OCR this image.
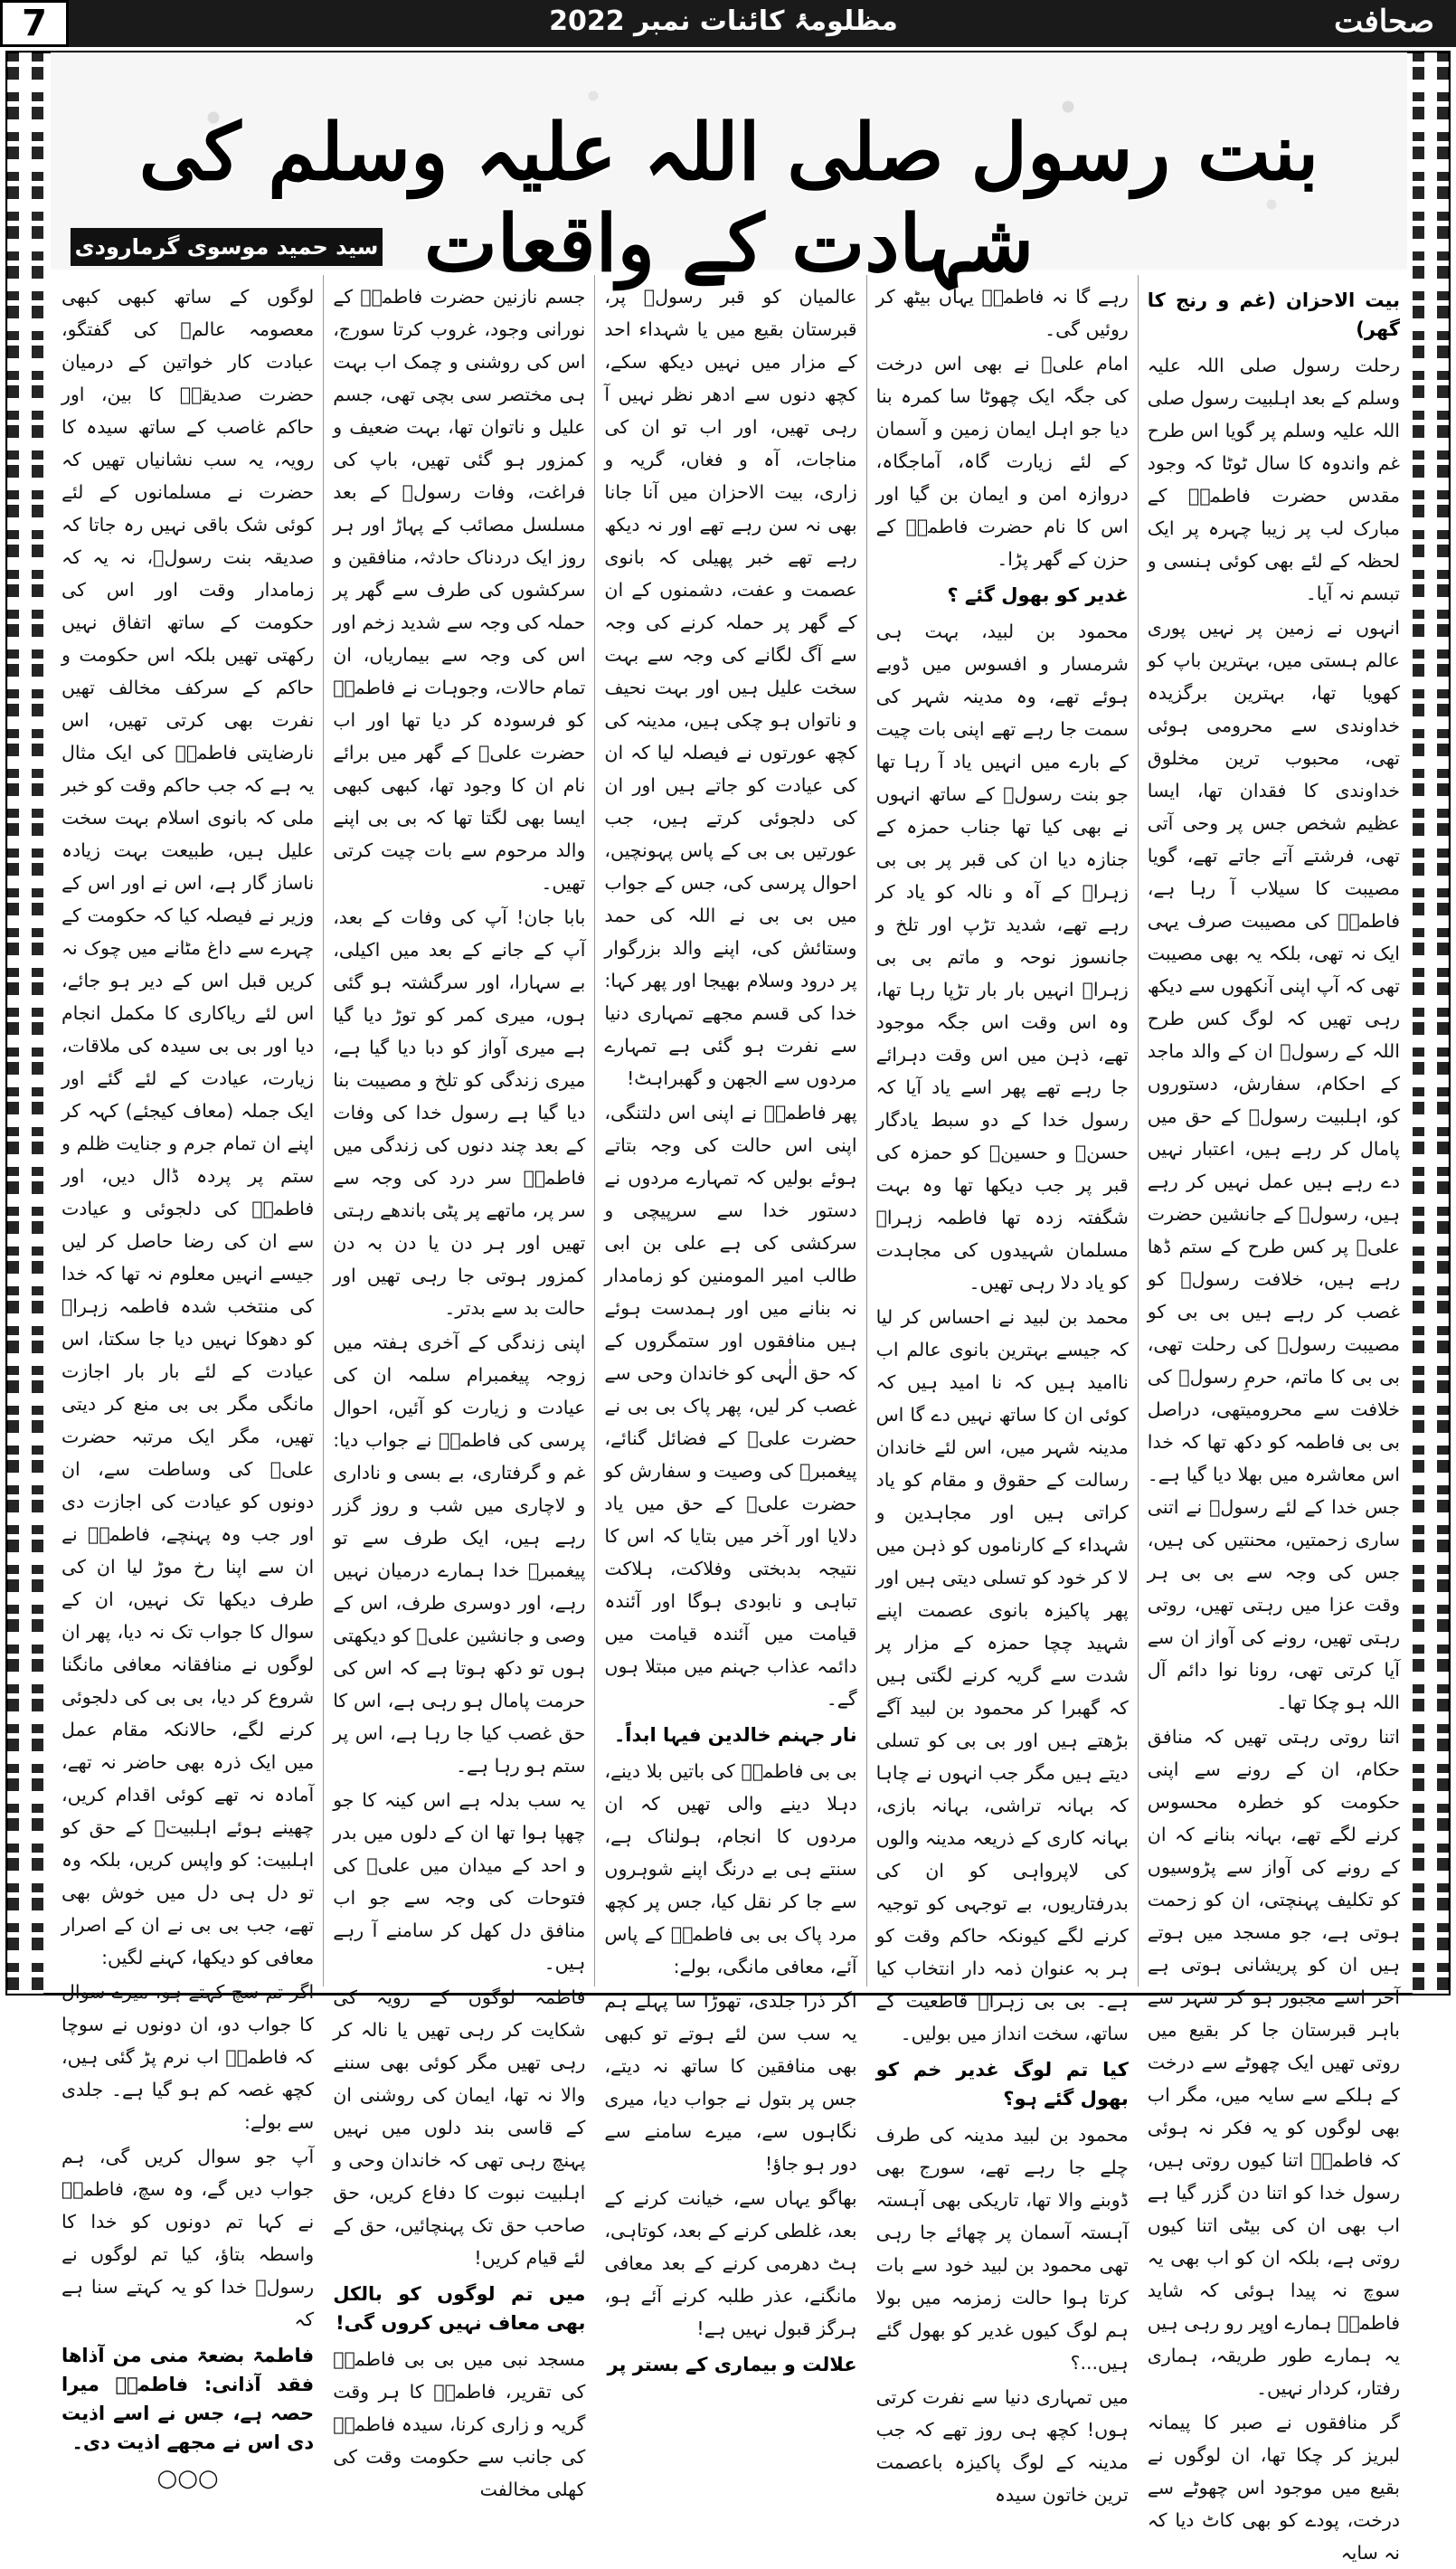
7	مظلومۂ کائنات نمبر 2022	صحافت
بنت رسول صلی اللہ علیہ وسلم کی شہادت کے واقعات
سید حمید موسوی گرمارودی
بیت الاحزان (غم و رنج کا گھر)

رحلت رسول صلی اللہ علیہ وسلم کے بعد اہلبیت رسول صلی اللہ علیہ وسلم پر گویا اس طرح غم واندوہ کا سال ٹوٹا کہ وجود مقدس حضرت فاطمہؑ کے مبارک لب پر زیبا چہرہ پر ایک لحظہ کے لئے بھی کوئی ہنسی و تبسم نہ آیا۔

انہوں نے زمین پر نہیں پوری عالم ہستی میں، بہترین باپ کو کھویا تھا، بہترین برگزیدہ خداوندی سے محرومی ہوئی تھی، محبوب ترین مخلوق خداوندی کا فقدان تھا، ایسا عظیم شخص جس پر وحی آتی تھی، فرشتے آتے جاتے تھے، گویا مصیبت کا سیلاب آ رہا ہے، فاطمہؑ کی مصیبت صرف یہی ایک نہ تھی، بلکہ یہ بھی مصیبت تھی کہ آپ اپنی آنکھوں سے دیکھ رہی تھیں کہ لوگ کس طرح اللہ کے رسولؐ ان کے والد ماجد کے احکام، سفارش، دستوروں کو، اہلبیت رسولؐ کے حق میں پامال کر رہے ہیں، اعتبار نہیں دے رہے ہیں عمل نہیں کر رہے ہیں، رسولؐ کے جانشین حضرت علیؑ پر کس طرح کے ستم ڈھا رہے ہیں، خلافت رسولؐ کو غصب کر رہے ہیں بی بی کو مصیبت رسولؐ کی رحلت تھی، بی بی کا ماتم، حرمِ رسولؐ کی خلافت سے محرومیتھی، دراصل بی بی فاطمہ کو دکھ تھا کہ خدا اس معاشرہ میں بھلا دیا گیا ہے۔ جس خدا کے لئے رسولؐ نے اتنی ساری زحمتیں، محنتیں کی ہیں، جس کی وجہ سے بی بی ہر وقت عزا میں رہتی تھیں، روتی رہتی تھیں، رونے کی آواز ان سے آیا کرتی تھی، رونا نوا دائم آل اللہ ہو چکا تھا۔

اتنا روتی رہتی تھیں کہ منافق حکام، ان کے رونے سے اپنی حکومت کو خطرہ محسوس کرنے لگے تھے، بہانہ بنانے کہ ان کے رونے کی آواز سے پڑوسیوں کو تکلیف پہنچتی، ان کو زحمت ہوتی ہے، جو مسجد میں ہوتے ہیں ان کو پریشانی ہوتی ہے آخر اسے مجبور ہو کر شہر سے باہر قبرستان جا کر بقیع میں روتی تھیں ایک چھوٹے سے درخت کے ہلکے سے سایہ میں، مگر اب بھی لوگوں کو یہ فکر نہ ہوئی کہ فاطمہؑ اتنا کیوں روتی ہیں، رسول خدا کو اتنا دن گزر گیا ہے اب بھی ان کی بیٹی اتنا کیوں روتی ہے، بلکہ ان کو اب بھی یہ سوچ نہ پیدا ہوئی کہ شاید فاطمہؑ ہمارے اوپر رو رہی ہیں یہ ہمارے طور طریقہ، ہماری رفتار، کردار نہیں۔

گر منافقوں نے صبر کا پیمانہ لبریز کر چکا تھا، ان لوگوں نے بقیع میں موجود اس چھوٹے سے درخت، پودے کو بھی کاٹ دیا کہ نہ سایہ

رہے گا نہ فاطمہؑ یہاں بیٹھ کر روئیں گی۔

امام علیؑ نے بھی اس درخت کی جگہ ایک چھوٹا سا کمرہ بنا دیا جو اہل ایمان زمین و آسمان کے لئے زیارت گاہ، آماجگاہ، دروازہ امن و ایمان بن گیا اور اس کا نام حضرت فاطمہؑ کے حزن کے گھر پڑا۔

غدیر کو بھول گئے ؟

محمود بن لبید، بہت ہی شرمسار و افسوس میں ڈوبے ہوئے تھے، وہ مدینہ شہر کی سمت جا رہے تھے اپنی بات چیت کے بارے میں انہیں یاد آ رہا تھا جو بنت رسولؐ کے ساتھ انہوں نے بھی کیا تھا جناب حمزہ کے جنازہ دیا ان کی قبر پر بی بی زہراؑ کے آہ و نالہ کو یاد کر رہے تھے، شدید تڑپ اور تلخ و جانسوز نوحہ و ماتم بی بی زہراؑ انہیں بار بار تڑپا رہا تھا، وہ اس وقت اس جگہ موجود تھے، ذہن میں اس وقت دہرائے جا رہے تھے پھر اسے یاد آیا کہ رسول خدا کے دو سبط یادگار حسنؑ و حسینؑ کو حمزہ کی قبر پر جب دیکھا تھا وہ بہت شگفتہ زدہ تھا فاطمہ زہراؑ مسلمان شہیدوں کی مجاہدت کو یاد دلا رہی تھیں۔

محمد بن لبید نے احساس کر لیا کہ جیسے بہترین بانوی عالم اب ناامید ہیں کہ نا امید ہیں کہ کوئی ان کا ساتھ نہیں دے گا اس مدینہ شہر میں، اس لئے خاندان رسالت کے حقوق و مقام کو یاد کراتی ہیں اور مجاہدین و شہداء کے کارناموں کو ذہن میں لا کر خود کو تسلی دیتی ہیں اور پھر پاکیزہ بانوی عصمت اپنے شہید چچا حمزہ کے مزار پر شدت سے گریہ کرنے لگتی ہیں کہ گھبرا کر محمود بن لبید آگے بڑھتے ہیں اور بی بی کو تسلی دیتے ہیں مگر جب انہوں نے چاہا کہ بہانہ تراشی، بہانہ بازی، بہانہ کاری کے ذریعہ مدینہ والوں کی لاپرواہی کو ان کی بدرفتاریوں، بے توجہی کو توجیہ کرنے لگے کیونکہ حاکم وقت کو ہر بہ عنوان ذمہ دار انتخاب کیا ہے۔ بی بی زہراؑ قاطعیت کے ساتھ، سخت انداز میں بولیں۔

کیا تم لوگ غدیر خم کو بھول گئے ہو؟

محمود بن لبید مدینہ کی طرف چلے جا رہے تھے، سورج بھی ڈوبنے والا تھا، تاریکی بھی آہستہ آہستہ آسمان پر چھائے جا رہی تھی محمود بن لبید خود سے بات کرتا ہوا حالت زمزمہ میں بولا ہم لوگ کیوں غدیر کو بھول گئے ہیں...؟

میں تمہاری دنیا سے نفرت کرتی ہوں! کچھ ہی روز تھے کہ جب مدینہ کے لوگ پاکیزہ باعصمت ترین خاتون سیدہ

عالمیان کو قبر رسولؐ پر، قبرستان بقیع میں یا شہداء احد کے مزار میں نہیں دیکھ سکے، کچھ دنوں سے ادھر نظر نہیں آ رہی تھیں، اور اب تو ان کی مناجات، آہ و فغاں، گریہ و زاری، بیت الاحزان میں آنا جانا بھی نہ سن رہے تھے اور نہ دیکھ رہے تھے خبر پھیلی کہ بانوی عصمت و عفت، دشمنوں کے ان کے گھر پر حملہ کرنے کی وجہ سے آگ لگانے کی وجہ سے بہت سخت علیل ہیں اور بہت نحیف و ناتواں ہو چکی ہیں، مدینہ کی کچھ عورتوں نے فیصلہ لیا کہ ان کی عیادت کو جاتے ہیں اور ان کی دلجوئی کرتے ہیں، جب عورتیں بی بی کے پاس پہونچیں، احوال پرسی کی، جس کے جواب میں بی بی نے اللہ کی حمد وستائش کی، اپنے والد بزرگوار پر درود وسلام بھیجا اور پھر کہا: خدا کی قسم مجھے تمہاری دنیا سے نفرت ہو گئی ہے تمہارے مردوں سے الجھن و گھبراہٹ!

پھر فاطمہؑ نے اپنی اس دلتنگی، اپنی اس حالت کی وجہ بتاتے ہوئے بولیں کہ تمہارے مردوں نے دستور خدا سے سرپیچی و سرکشی کی ہے علی بن ابی طالب امیر المومنین کو زمامدار نہ بنانے میں اور ہمدست ہوئے ہیں منافقوں اور ستمگروں کے کہ حق الٰہی کو خاندان وحی سے غصب کر لیں، پھر پاک بی بی نے حضرت علیؑ کے فضائل گنائے، پیغمبرؐ کی وصیت و سفارش کو حضرت علیؑ کے حق میں یاد دلایا اور آخر میں بتایا کہ اس کا نتیجہ بدبختی وفلاکت، ہلاکت تباہی و نابودی ہوگا اور آئندہ قیامت میں آئندہ قیامت میں دائمہ عذاب جہنم میں مبتلا ہوں گے۔

نار جہنم خالدین فیہا ابداً۔

بی بی فاطمہؑ کی باتیں بلا دینے، دہلا دینے والی تھیں کہ ان مردوں کا انجام، ہولناک ہے، سنتے ہی بے درنگ اپنے شوہروں سے جا کر نقل کیا، جس پر کچھ مرد پاک بی بی فاطمہؑ کے پاس آئے، معافی مانگی، بولے:

اگر ذرا جلدی، تھوڑا سا پہلے ہم یہ سب سن لئے ہوتے تو کبھی بھی منافقین کا ساتھ نہ دیتے، جس پر بتول نے جواب دیا، میری نگاہوں سے، میرے سامنے سے دور ہو جاؤ!

بھاگو یہاں سے، خیانت کرنے کے بعد، غلطی کرنے کے بعد، کوتاہی، ہٹ دھرمی کرنے کے بعد معافی مانگنے، عذر طلبہ کرنے آئے ہو، ہرگز قبول نہیں ہے!

علالت و بیماری کے بستر پر

جسم نازنین حضرت فاطمہؑ کے نورانی وجود، غروب کرتا سورج، اس کی روشنی و چمک اب بہت ہی مختصر سی بچی تھی، جسم علیل و ناتوان تھا، بہت ضعیف و کمزور ہو گئی تھیں، باپ کی فراغت، وفات رسولؐ کے بعد مسلسل مصائب کے پہاڑ اور ہر روز ایک دردناک حادثہ، منافقین و سرکشوں کی طرف سے گھر پر حملہ کی وجہ سے شدید زخم اور اس کی وجہ سے بیماریاں، ان تمام حالات، وجوہات نے فاطمہؑ کو فرسودہ کر دیا تھا اور اب حضرت علیؑ کے گھر میں برائے نام ان کا وجود تھا، کبھی کبھی ایسا بھی لگتا تھا کہ بی بی اپنے والد مرحوم سے بات چیت کرتی تھیں۔

بابا جان! آپ کی وفات کے بعد، آپ کے جانے کے بعد میں اکیلی، بے سہارا، اور سرگشتہ ہو گئی ہوں، میری کمر کو توڑ دیا گیا ہے میری آواز کو دبا دیا گیا ہے، میری زندگی کو تلخ و مصیبت بنا دیا گیا ہے رسول خدا کی وفات کے بعد چند دنوں کی زندگی میں فاطمہؑ سر درد کی وجہ سے سر پر، ماتھے پر پٹی باندھے رہتی تھیں اور ہر دن یا دن بہ دن کمزور ہوتی جا رہی تھیں اور حالت بد سے بدتر۔

اپنی زندگی کے آخری ہفتہ میں زوجہ پیغمبرام سلمہ ان کی عیادت و زیارت کو آئیں، احوال پرسی کی فاطمہؑ نے جواب دیا: غم و گرفتاری، بے بسی و ناداری و لاچاری میں شب و روز گزر رہے ہیں، ایک طرف سے تو پیغمبرؐ خدا ہمارے درمیان نہیں رہے، اور دوسری طرف، اس کے وصی و جانشین علیؑ کو دیکھتی ہوں تو دکھ ہوتا ہے کہ اس کی حرمت پامال ہو رہی ہے، اس کا حق غصب کیا جا رہا ہے، اس پر ستم ہو رہا ہے۔

یہ سب بدلہ ہے اس کینہ کا جو چھپا ہوا تھا ان کے دلوں میں بدر و احد کے میدان میں علیؑ کی فتوحات کی وجہ سے جو اب منافق دل کھل کر سامنے آ رہے ہیں۔

فاطمہ لوگوں کے رویہ کی شکایت کر رہی تھیں یا نالہ کر رہی تھیں مگر کوئی بھی سننے والا نہ تھا، ایمان کی روشنی ان کے قاسی بند دلوں میں نہیں پہنچ رہی تھی کہ خاندان وحی و اہلبیت نبوت کا دفاع کریں، حق صاحب حق تک پہنچائیں، حق کے لئے قیام کریں!

میں تم لوگوں کو بالکل بھی معاف نہیں کروں گی!

مسجد نبی میں بی بی فاطمہؑ کی تقریر، فاطمہؑ کا ہر وقت گریہ و زاری کرنا، سیدہ فاطمہؑ کی جانب سے حکومت وقت کی کھلی مخالفت

لوگوں کے ساتھ کبھی کبھی معصومہ عالمؑ کی گفتگو، عبادت کار خواتین کے درمیان حضرت صدیقہؑ کا بین، اور حاکم غاصب کے ساتھ سیدہ کا رویہ، یہ سب نشانیاں تھیں کہ حضرت نے مسلمانوں کے لئے کوئی شک باقی نہیں رہ جاتا کہ صدیقہ بنت رسولؐ، نہ یہ کہ زمامدار وقت اور اس کی حکومت کے ساتھ اتفاق نہیں رکھتی تھیں بلکہ اس حکومت و حاکم کے سرکف مخالف تھیں نفرت بھی کرتی تھیں، اس نارضایتی فاطمہؑ کی ایک مثال یہ ہے کہ جب حاکم وقت کو خبر ملی کہ بانوی اسلام بہت سخت علیل ہیں، طبیعت بہت زیادہ ناساز گار ہے، اس نے اور اس کے وزیر نے فیصلہ کیا کہ حکومت کے چہرے سے داغ مٹانے میں چوک نہ کریں قبل اس کے دیر ہو جائے، اس لئے ریاکاری کا مکمل انجام دیا اور بی بی سیدہ کی ملاقات، زیارت، عیادت کے لئے گئے اور ایک جملہ (معاف کیجئے) کہہ کر اپنے ان تمام جرم و جنایت ظلم و ستم پر پردہ ڈال دیں، اور فاطمہؑ کی دلجوئی و عیادت سے ان کی رضا حاصل کر لیں جیسے انہیں معلوم نہ تھا کہ خدا کی منتخب شدہ فاطمہ زہراؑ کو دھوکا نہیں دیا جا سکتا، اس عیادت کے لئے بار بار اجازت مانگی مگر بی بی منع کر دیتی تھیں، مگر ایک مرتبہ حضرت علیؑ کی وساطت سے، ان دونوں کو عیادت کی اجازت دی اور جب وہ پہنچے، فاطمہؑ نے ان سے اپنا رخ موڑ لیا ان کی طرف دیکھا تک نہیں، ان کے سوال کا جواب تک نہ دیا، پھر ان لوگوں نے منافقانہ معافی مانگنا شروع کر دیا، بی بی کی دلجوئی کرنے لگے، حالانکہ مقام عمل میں ایک ذرہ بھی حاضر نہ تھے، آمادہ نہ تھے کوئی اقدام کریں، چھینے ہوئے اہلبیتؑ کے حق کو اہلبیت: کو واپس کریں، بلکہ وہ تو دل ہی دل میں خوش بھی تھے، جب بی بی نے ان کے اصرار معافی کو دیکھا، کہنے لگیں:

اگر تم سچ کہتے ہو، میرے سوال کا جواب دو، ان دونوں نے سوچا کہ فاطمہؑ اب نرم پڑ گئی ہیں، کچھ غصہ کم ہو گیا ہے۔ جلدی سے بولے:

آپ جو سوال کریں گی، ہم جواب دیں گے، وہ سچ، فاطمہؑ نے کہا تم دونوں کو خدا کا واسطہ بتاؤ، کیا تم لوگوں نے رسولؐ خدا کو یہ کہتے سنا ہے کہ

فاطمۃ بضعۃ منی من آذاھا فقد آذانی: فاطمہؑ میرا حصہ ہے، جس نے اسے اذیت دی اس نے مجھے اذیت دی۔
○○○
